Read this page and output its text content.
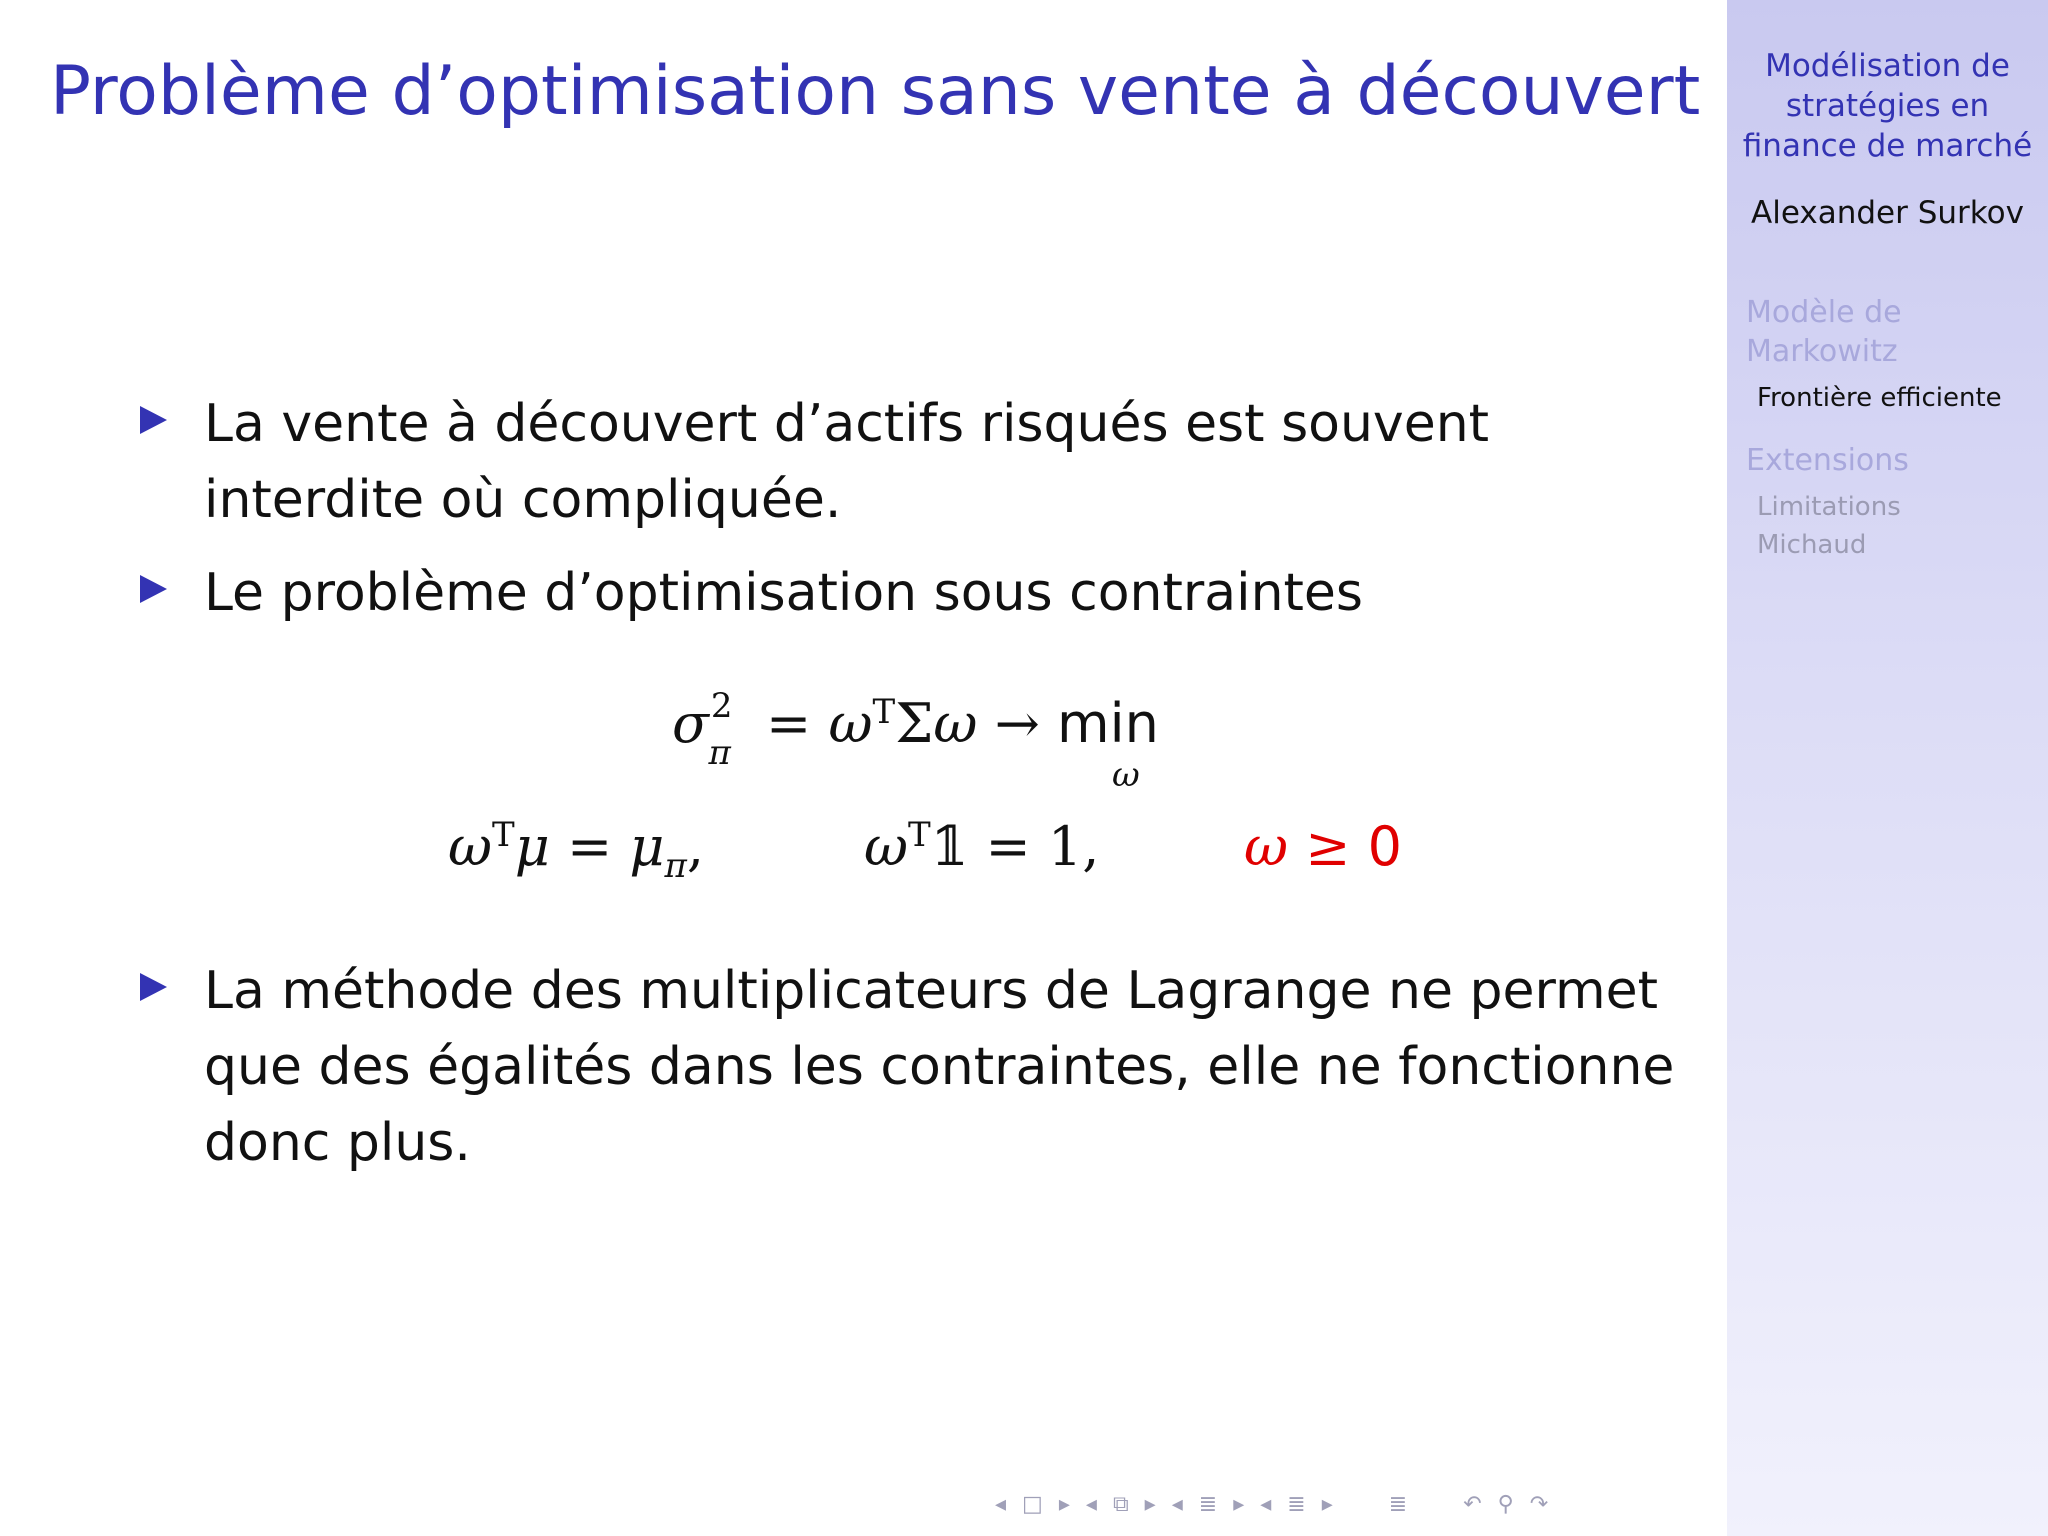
Problème d’optimisation sans vente à découvert
La vente à découvert d’actifs risqués est souvent
interdite où compliquée.
Le problème d’optimisation sous contraintes
$\sigma^2_\pi = \omega^T\Sigma\omega \to \min$
ω
$\omega^T\mu = \mu_\pi$,	$\omega^T𝟙 = 1$,	ω ≥ 0
La méthode des multiplicateurs de Lagrange ne permet
que des égalités dans les contraintes, elle ne fonctionne
donc plus.
Modélisation de
stratégies en
finance de marché
Alexander Surkov
Modèle de
Markowitz
Frontière efficiente
Extensions
Limitations
Michaud
◂ □ ▸ ◂ ⧉ ▸ ◂ ≣ ▸ ◂ ≣ ▸	≣	↶ ⚲ ↷
